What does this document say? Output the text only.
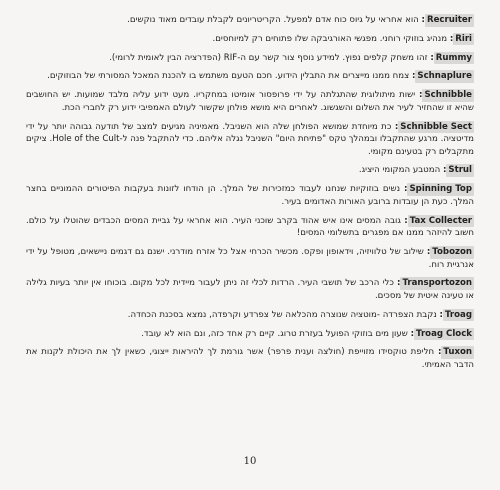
Recruiter: הוא אחראי על גיוס כוח אדם למפעל. הקריטריונים לקבלת עובדים מאוד נוקשים.

Riri: מנהיג בוזוקי רוחני. מפגשי האורגיבקה שלו פתוחים רק למיוחסים.

Rummy: זהו משחק קלפים נפוץ. למידע נוסף צור קשר עם ה-RIF (הפדרציה הבין לאומית לרומי).

Schnaplure: צמח ממנו מייצרים את התבלין הידוע. חכם הטעם משתמש בו להכנת המאכל המסורתי של הבוזוקים.

Schnibble: ישות מיתולוגית שהתגלתה על ידי פרופסור אומיטו במחקריו. מעט ידוע עליה מלבד שמועות. יש החושבים שהיא זו שהחזיר לעיר את השלום והשגשוג. לאחרים היא מושא פולחן שקשור לעולם האמפיבי ידוע רק לחברי הכת.

Schnibble Sect: כת מיוחדת שמושא הפולחן שלה הוא השניבל. מאמיניה מגיעים למצב של תודעה גבוהה יותר על ידי מדיטציה. מרגע שהתקבלו ובמהלך טקס "פתיחת היום" השניבל נגלה אליהם. כדי להתקבל פנה ל-Hole of the Cult. ציקים מתקבלים רק בטעינם מקומי.

Strul: המטבע המקומי היציג.

Spinning Top: נשים בוזוקיות שנחנו לעבוד כמזכירות של המלך. הן הודחו לזונות בעקבות הפיטורים ההמוניים בחצר המלך. כעת הן עובדות ברובע האורות האדומים בעיר.

Tax Collecter: גובה המסים אינו איש אהוד בקרב שוכני העיר. הוא אחראי על גביית המסים הכבדים שהוטלו על כולם. חשוב להיזהר ממנו אם מפגרים בתשלומי המסים!

Tobozon: שילוב של טלוויזיה, וידאופון ופקס. מכשיר הכרחי אצל כל אזרח מודרני. ישנם גם דגמים ניישאים, מטופל על ידי אנרגיית רוח.

Transportozon: כלי הרכב של תושבי העיר. הרדות לכלי זה ניתן לעבור מיידית לכל מקום. בוכוחו אין יותר בעיות גלילה או טעינה איטית של מסכים.

Troag: נקבת הצפרדה -מוטציה שנוצרה מהכלאה של צפרדע וקרפדה, נמצא בסכנת הכחדה.

Troag Clock: שעון מים בוזוקי הפועל בעזרת טרוג. קיים רק אחד כזה, ונם הוא לא עובד.

Tuxon: חליפת טוקסידו מזוייפת (חולצה וענית פרפר) אשר גורמת לך להיראות ייצוגי, כשאין לך את היכולת לקנות את הדבר האמיתי.

10
